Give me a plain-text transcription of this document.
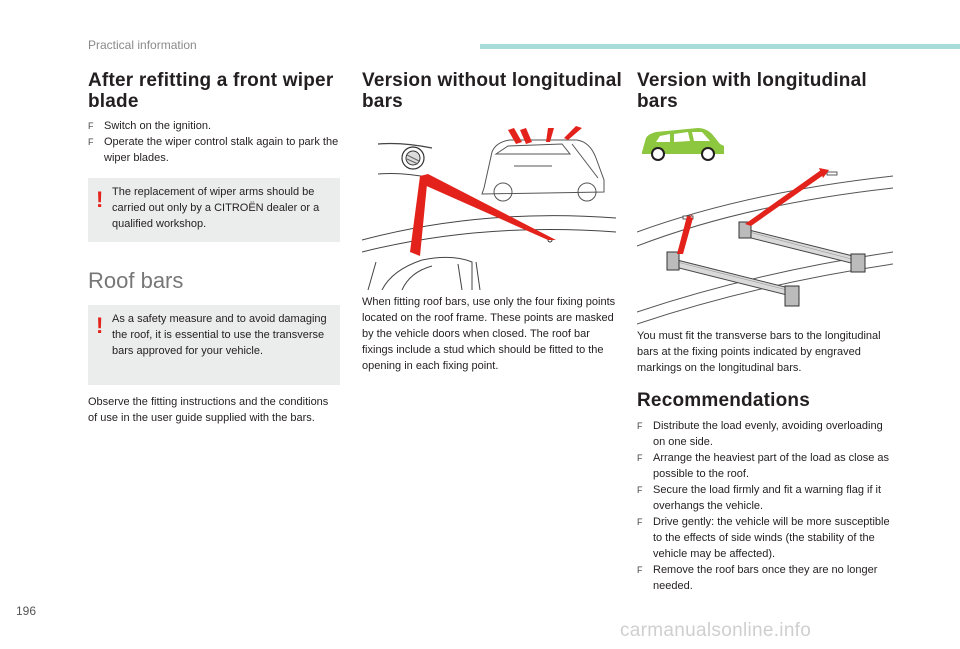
Practical information
After refitting a front wiper blade

F Switch on the ignition.

F Operate the wiper control stalk again to park the wiper blades.

! The replacement of wiper arms should be carried out only by a CITROËN dealer or a qualified workshop.
Roof bars
! As a safety measure and to avoid damaging the roof, it is essential to use the transverse bars approved for your vehicle.
Observe the fitting instructions and the conditions of use in the user guide supplied with the bars.
Version without longitudinal bars
When fitting roof bars, use only the four fixing points located on the roof frame. These points are masked by the vehicle doors when closed. The roof bar fixings include a stud which should be fitted to the opening in each fixing point.
Version with longitudinal bars
You must fit the transverse bars to the longitudinal bars at the fixing points indicated by engraved markings on the longitudinal bars.
Recommendations

F Distribute the load evenly, avoiding overloading on one side.

F Arrange the heaviest part of the load as close as possible to the roof.

F Secure the load firmly and fit a warning flag if it overhangs the vehicle.

F Drive gently: the vehicle will be more susceptible to the effects of side winds (the stability of the vehicle may be affected).

F Remove the roof bars once they are no longer needed.

196
carmanualsonline.info
